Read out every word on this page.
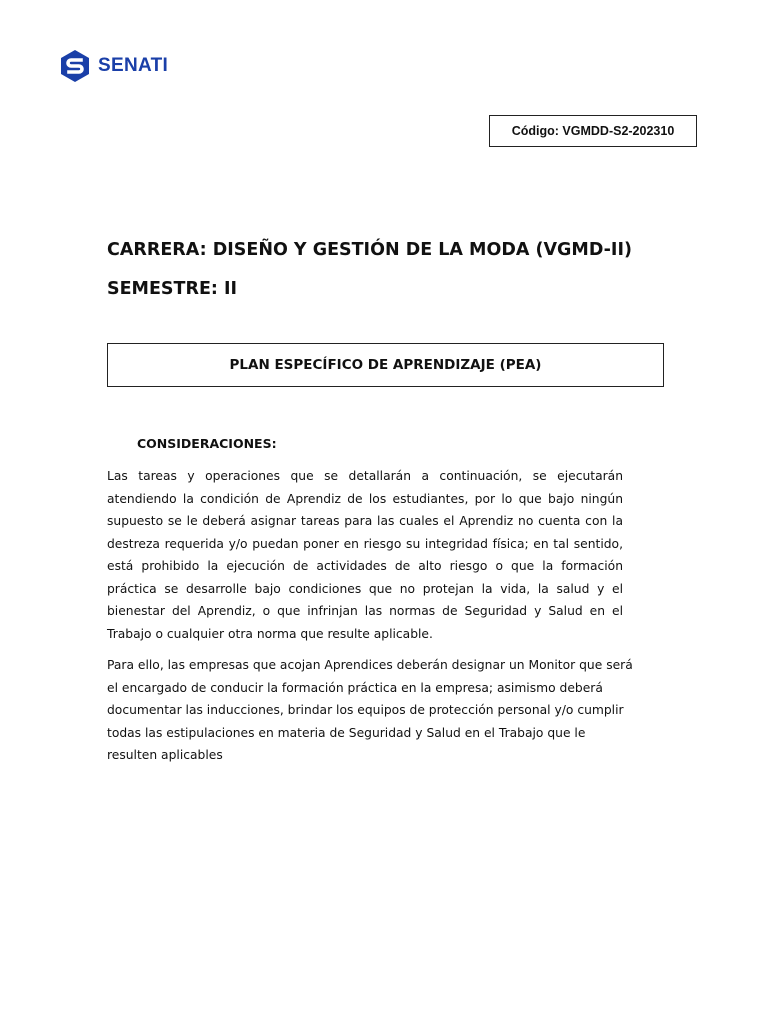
SENATI
Código: VGMDD-S2-202310
CARRERA: DISEÑO Y GESTIÓN DE LA MODA (VGMD-II)
SEMESTRE: II
PLAN ESPECÍFICO DE APRENDIZAJE (PEA)
CONSIDERACIONES:

Las tareas y operaciones que se detallarán a continuación, se ejecutarán atendiendo la condición de Aprendiz de los estudiantes, por lo que bajo ningún supuesto se le deberá asignar tareas para las cuales el Aprendiz no cuenta con la destreza requerida y/o puedan poner en riesgo su integridad física; en tal sentido, está prohibido la ejecución de actividades de alto riesgo o que la formación práctica se desarrolle bajo condiciones que no protejan la vida, la salud y el bienestar del Aprendiz, o que infrinjan las normas de Seguridad y Salud en el Trabajo o cualquier otra norma que resulte aplicable.

Para ello, las empresas que acojan Aprendices deberán designar un Monitor que será el encargado de conducir la formación práctica en la empresa; asimismo deberá documentar las inducciones, brindar los equipos de protección personal y/o cumplir todas las estipulaciones en materia de Seguridad y Salud en el Trabajo que le resulten aplicables
